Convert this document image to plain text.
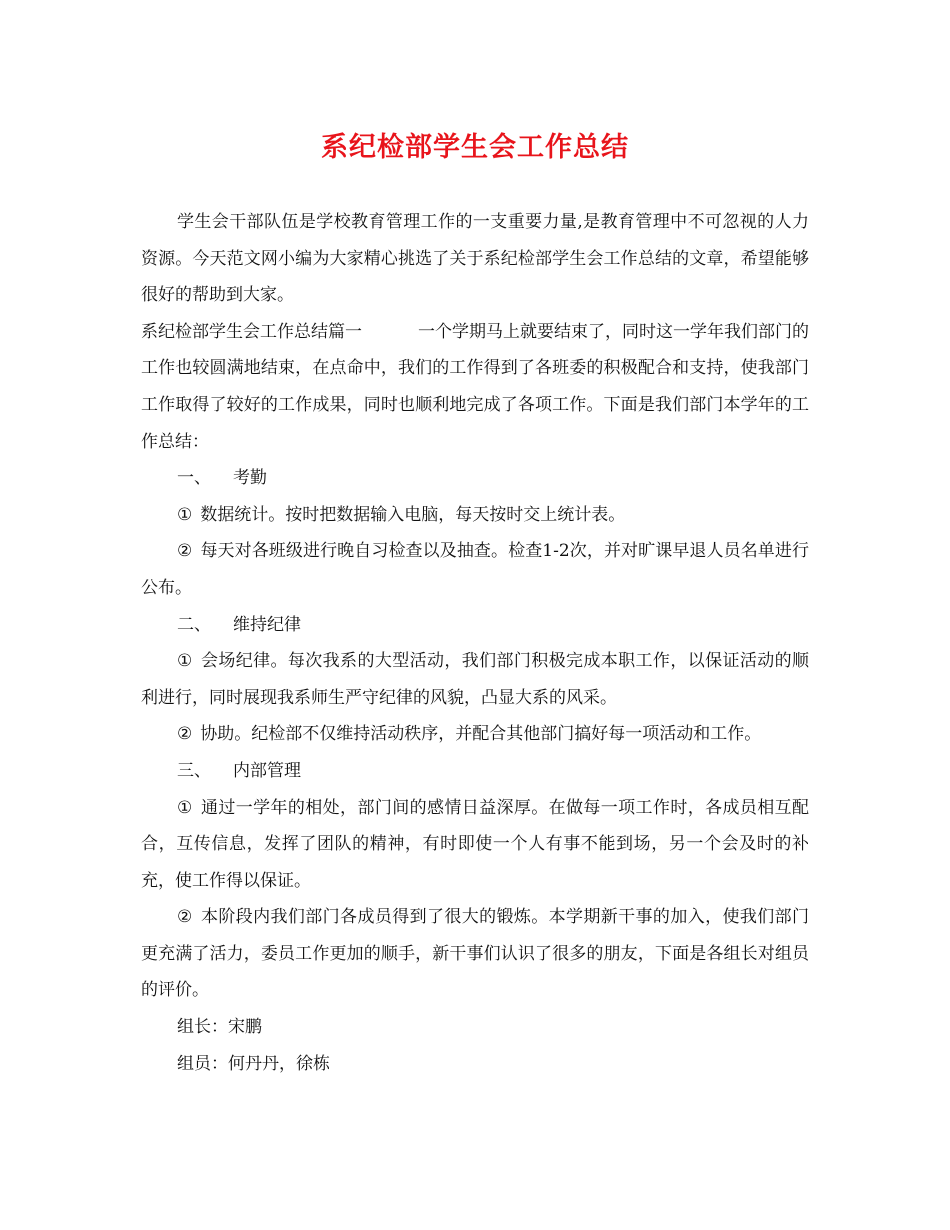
系纪检部学生会工作总结

学生会干部队伍是学校教育管理工作的一支重要力量,是教育管理中不可忽视的人力资源。今天范文网小编为大家精心挑选了关于系纪检部学生会工作总结的文章，希望能够很好的帮助到大家。

系纪检部学生会工作总结篇一	一个学期马上就要结束了，同时这一学年我们部门的工作也较圆满地结束，在点命中，我们的工作得到了各班委的积极配合和支持，使我部门工作取得了较好的工作成果，同时也顺利地完成了各项工作。下面是我们部门本学年的工作总结：

一、 考勤

① 数据统计。按时把数据输入电脑，每天按时交上统计表。

② 每天对各班级进行晚自习检查以及抽查。检查1-2次，并对旷课早退人员名单进行公布。

二、 维持纪律

① 会场纪律。每次我系的大型活动，我们部门积极完成本职工作，以保证活动的顺利进行，同时展现我系师生严守纪律的风貌，凸显大系的风采。

② 协助。纪检部不仅维持活动秩序，并配合其他部门搞好每一项活动和工作。

三、 内部管理

① 通过一学年的相处，部门间的感情日益深厚。在做每一项工作时，各成员相互配合，互传信息，发挥了团队的精神，有时即使一个人有事不能到场，另一个会及时的补充，使工作得以保证。

② 本阶段内我们部门各成员得到了很大的锻炼。本学期新干事的加入，使我们部门更充满了活力，委员工作更加的顺手，新干事们认识了很多的朋友，下面是各组长对组员的评价。

组长：宋鹏

组员：何丹丹，徐栋
